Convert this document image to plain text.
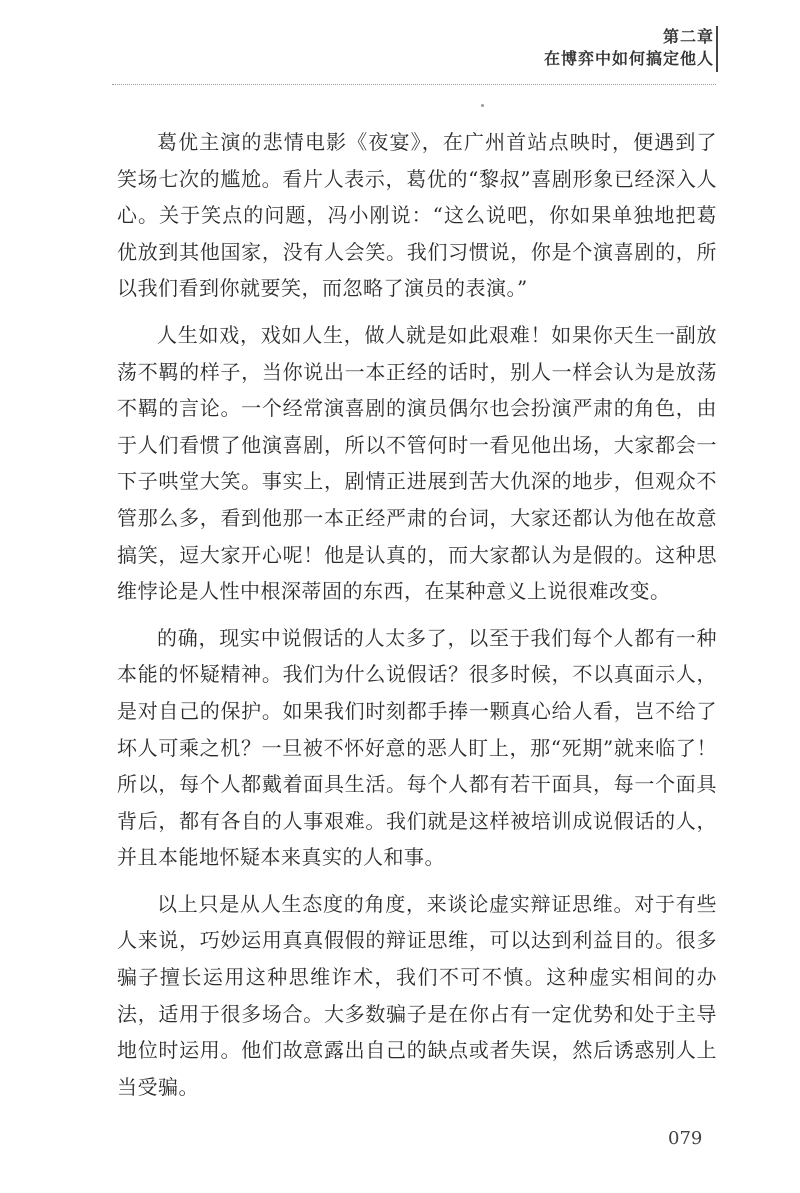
第二章
在博弈中如何搞定他人

葛优主演的悲情电影《夜宴》，在广州首站点映时，便遇到了笑场七次的尴尬。看片人表示，葛优的“黎叔”喜剧形象已经深入人心。关于笑点的问题，冯小刚说：“这么说吧，你如果单独地把葛优放到其他国家，没有人会笑。我们习惯说，你是个演喜剧的，所以我们看到你就要笑，而忽略了演员的表演。”

人生如戏，戏如人生，做人就是如此艰难！如果你天生一副放荡不羁的样子，当你说出一本正经的话时，别人一样会认为是放荡不羁的言论。一个经常演喜剧的演员偶尔也会扮演严肃的角色，由于人们看惯了他演喜剧，所以不管何时一看见他出场，大家都会一下子哄堂大笑。事实上，剧情正进展到苦大仇深的地步，但观众不管那么多，看到他那一本正经严肃的台词，大家还都认为他在故意搞笑，逗大家开心呢！他是认真的，而大家都认为是假的。这种思维悖论是人性中根深蒂固的东西，在某种意义上说很难改变。

的确，现实中说假话的人太多了，以至于我们每个人都有一种本能的怀疑精神。我们为什么说假话？很多时候，不以真面示人，是对自己的保护。如果我们时刻都手捧一颗真心给人看，岂不给了坏人可乘之机？一旦被不怀好意的恶人盯上，那“死期”就来临了！所以，每个人都戴着面具生活。每个人都有若干面具，每一个面具背后，都有各自的人事艰难。我们就是这样被培训成说假话的人，并且本能地怀疑本来真实的人和事。

以上只是从人生态度的角度，来谈论虚实辩证思维。对于有些人来说，巧妙运用真真假假的辩证思维，可以达到利益目的。很多骗子擅长运用这种思维诈术，我们不可不慎。这种虚实相间的办法，适用于很多场合。大多数骗子是在你占有一定优势和处于主导地位时运用。他们故意露出自己的缺点或者失误，然后诱惑别人上当受骗。

079
